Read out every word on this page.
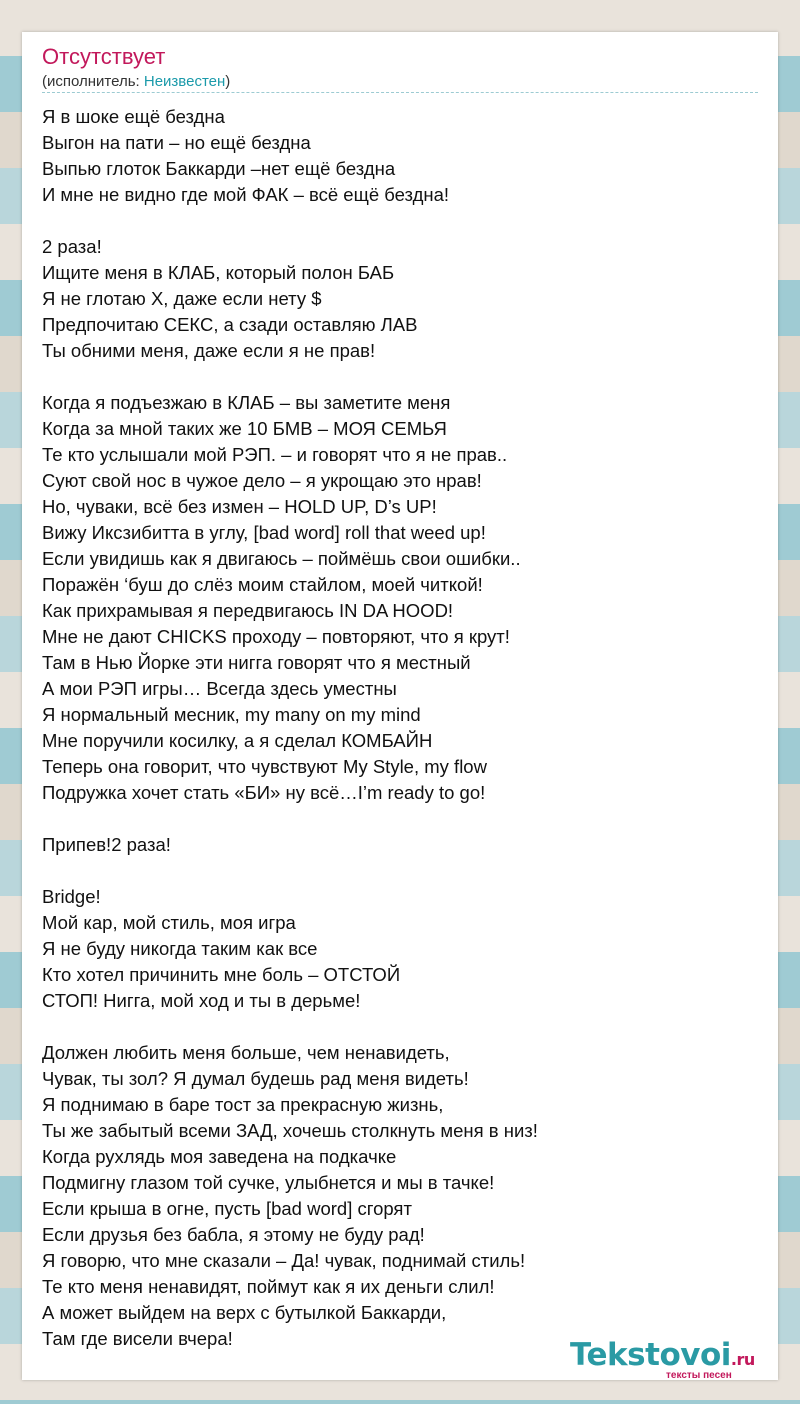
Отсутствует
(исполнитель: Неизвестен)
Я в шоке ещё бездна
Выгон на пати – но ещё бездна
Выпью глоток Баккарди –нет ещё бездна
И мне не видно где мой ФАК – всё ещё бездна!
2 раза!
Ищите меня в КЛАБ, который полон БАБ
Я не глотаю Х, даже если нету $
Предпочитаю СЕКС, а сзади оставляю ЛАВ
Ты обними меня, даже если я не прав!
Когда я подъезжаю в КЛАБ – вы заметите меня
Когда за мной таких же 10 БМВ – МОЯ СЕМЬЯ
Те кто услышали мой РЭП. – и говорят что я не прав..
Суют свой нос в чужое дело – я укрощаю это нрав!
Но, чуваки, всё без измен – HOLD UP, D’s UP!
Вижу Иксзибитта в углу, [bad word] roll that weed up!
Если увидишь как я двигаюсь – поймёшь свои ошибки..
Поражён ‘буш до слёз моим стайлом, моей читкой!
Как прихрамывая я передвигаюсь IN DA HOOD!
Мне не дают CHICKS проходу – повторяют, что я крут!
Там в Нью Йорке эти нигга говорят что я местный
А мои РЭП игры… Всегда здесь уместны
Я нормальный месник, my many on my mind
Мне поручили косилку, а я сделал КОМБАЙН
Теперь она говорит, что чувствуют My Style, my flow
Подружка хочет стать «БИ» ну всё…I’m ready to go!
Припев!2 раза!
Bridge!
Мой кар, мой стиль, моя игра
Я не буду никогда таким как все
Кто хотел причинить мне боль – ОТСТОЙ
СТОП! Нигга, мой ход и ты в дерьме!
Должен любить меня больше, чем ненавидеть,
Чувак, ты зол? Я думал будешь рад меня видеть!
Я поднимаю в баре тост за прекрасную жизнь,
Ты же забытый всеми ЗАД, хочешь столкнуть меня в низ!
Когда рухлядь моя заведена на подкачке
Подмигну глазом той сучке, улыбнется и мы в тачке!
Если крыша в огне, пусть [bad word] сгорят
Если друзья без бабла, я этому не буду рад!
Я говорю, что мне сказали – Да! чувак, поднимай стиль!
Те кто меня ненавидят, поймут как я их деньги слил!
А может выйдем на верх с бутылкой Баккарди,
Там где висели вчера!	Tekstovoi.ru
тексты песен
